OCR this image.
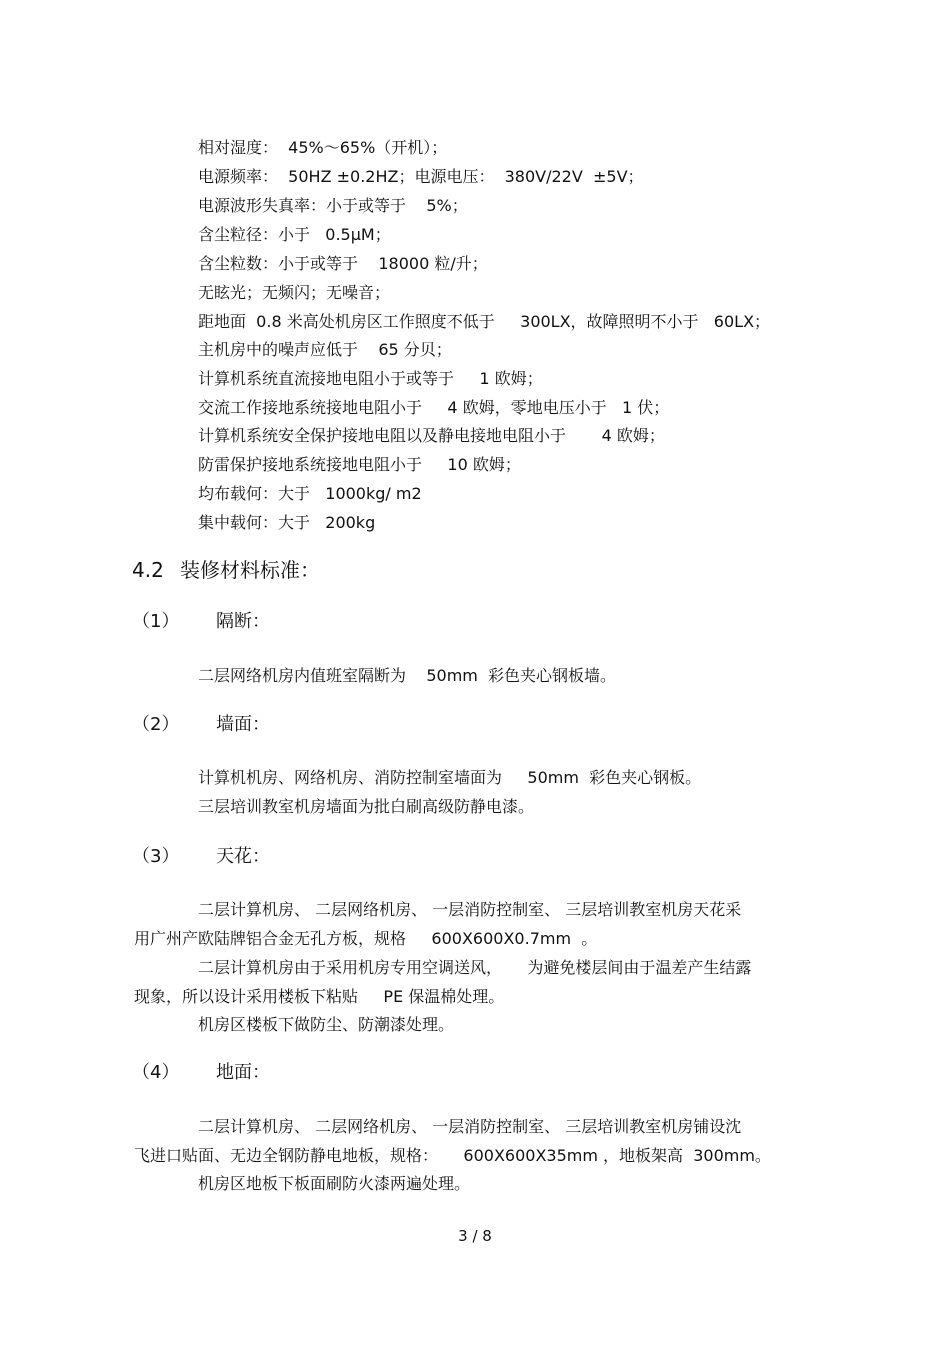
相对湿度：  45%～65%（开机）；
电源频率：  50HZ ±0.2HZ；电源电压：  380V/22V  ±5V；
电源波形失真率：小于或等于    5%；
含尘粒径：小于   0.5μM；
含尘粒数：小于或等于    18000 粒/升；
无眩光；无频闪；无噪音；
距地面  0.8 米高处机房区工作照度不低于     300LX，故障照明不小于   60LX；
主机房中的噪声应低于    65 分贝；
计算机系统直流接地电阻小于或等于     1 欧姆；
交流工作接地系统接地电阻小于     4 欧姆，零地电压小于   1 伏；
计算机系统安全保护接地电阻以及静电接地电阻小于       4 欧姆；
防雷保护接地系统接地电阻小于     10 欧姆；
均布载何：大于   1000kg/ m2
集中载何：大于   200kg
4.2 装修材料标准：
（1） 隔断：
二层网络机房内值班室隔断为    50mm  彩色夹心钢板墙。
（2） 墙面：
计算机机房、网络机房、消防控制室墙面为     50mm  彩色夹心钢板。
三层培训教室机房墙面为批白刷高级防静电漆。
（3） 天花：
二层计算机房、 二层网络机房、 一层消防控制室、 三层培训教室机房天花采
用广州产欧陆牌铝合金无孔方板，规格     600X600X0.7mm  。
二层计算机房由于采用机房专用空调送风，     为避免楼层间由于温差产生结露
现象，所以设计采用楼板下粘贴     PE 保温棉处理。
机房区楼板下做防尘、防潮漆处理。
（4） 地面：
二层计算机房、 二层网络机房、 一层消防控制室、 三层培训教室机房铺设沈
飞进口贴面、无边全钢防静电地板，规格：     600X600X35mm ，地板架高  300mm。
机房区地板下板面刷防火漆两遍处理。
3 / 8
